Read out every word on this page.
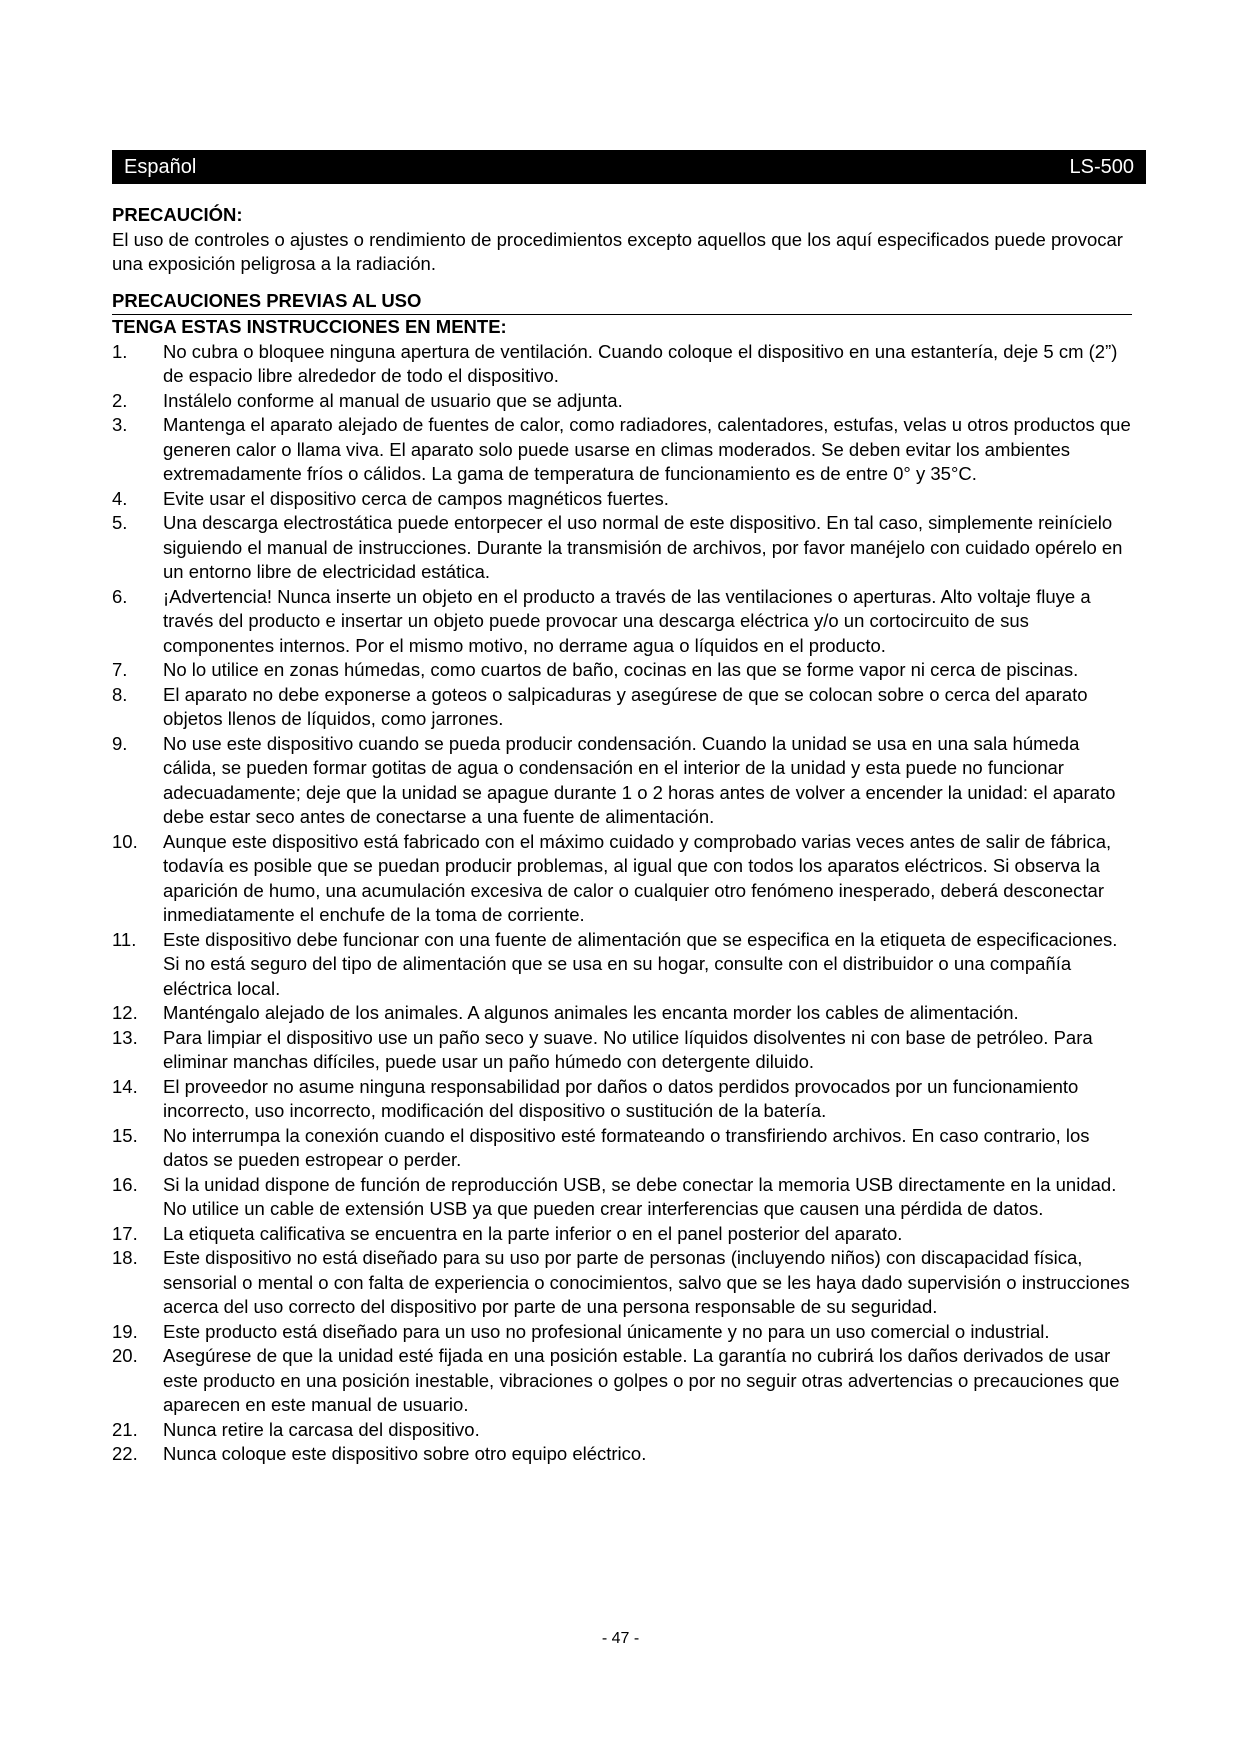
Español	LS-500

PRECAUCIÓN:

El uso de controles o ajustes o rendimiento de procedimientos excepto aquellos que los aquí especificados puede provocar una exposición peligrosa a la radiación.

PRECAUCIONES PREVIAS AL USO

TENGA ESTAS INSTRUCCIONES EN MENTE:

1.	No cubra o bloquee ninguna apertura de ventilación. Cuando coloque el dispositivo en una estantería, deje 5 cm (2”) de espacio libre alrededor de todo el dispositivo.
2.	Instálelo conforme al manual de usuario que se adjunta.
3.	Mantenga el aparato alejado de fuentes de calor, como radiadores, calentadores, estufas, velas u otros productos que generen calor o llama viva. El aparato solo puede usarse en climas moderados. Se deben evitar los ambientes extremadamente fríos o cálidos. La gama de temperatura de funcionamiento es de entre 0° y 35°C.
4.	Evite usar el dispositivo cerca de campos magnéticos fuertes.
5.	Una descarga electrostática puede entorpecer el uso normal de este dispositivo. En tal caso, simplemente reinícielo siguiendo el manual de instrucciones. Durante la transmisión de archivos, por favor manéjelo con cuidado opérelo en un entorno libre de electricidad estática.
6.	¡Advertencia! Nunca inserte un objeto en el producto a través de las ventilaciones o aperturas. Alto voltaje fluye a través del producto e insertar un objeto puede provocar una descarga eléctrica y/o un cortocircuito de sus componentes internos. Por el mismo motivo, no derrame agua o líquidos en el producto.
7.	No lo utilice en zonas húmedas, como cuartos de baño, cocinas en las que se forme vapor ni cerca de piscinas.
8.	El aparato no debe exponerse a goteos o salpicaduras y asegúrese de que se colocan sobre o cerca del aparato objetos llenos de líquidos, como jarrones.
9.	No use este dispositivo cuando se pueda producir condensación. Cuando la unidad se usa en una sala húmeda cálida, se pueden formar gotitas de agua o condensación en el interior de la unidad y esta puede no funcionar adecuadamente; deje que la unidad se apague durante 1 o 2 horas antes de volver a encender la unidad: el aparato debe estar seco antes de conectarse a una fuente de alimentación.
10.	Aunque este dispositivo está fabricado con el máximo cuidado y comprobado varias veces antes de salir de fábrica, todavía es posible que se puedan producir problemas, al igual que con todos los aparatos eléctricos. Si observa la aparición de humo, una acumulación excesiva de calor o cualquier otro fenómeno inesperado, deberá desconectar inmediatamente el enchufe de la toma de corriente.
11.	Este dispositivo debe funcionar con una fuente de alimentación que se especifica en la etiqueta de especificaciones. Si no está seguro del tipo de alimentación que se usa en su hogar, consulte con el distribuidor o una compañía eléctrica local.
12.	Manténgalo alejado de los animales. A algunos animales les encanta morder los cables de alimentación.
13.	Para limpiar el dispositivo use un paño seco y suave. No utilice líquidos disolventes ni con base de petróleo. Para eliminar manchas difíciles, puede usar un paño húmedo con detergente diluido.
14.	El proveedor no asume ninguna responsabilidad por daños o datos perdidos provocados por un funcionamiento incorrecto, uso incorrecto, modificación del dispositivo o sustitución de la batería.
15.	No interrumpa la conexión cuando el dispositivo esté formateando o transfiriendo archivos. En caso contrario, los datos se pueden estropear o perder.
16.	Si la unidad dispone de función de reproducción USB, se debe conectar la memoria USB directamente en la unidad. No utilice un cable de extensión USB ya que pueden crear interferencias que causen una pérdida de datos.
17.	La etiqueta calificativa se encuentra en la parte inferior o en el panel posterior del aparato.
18.	Este dispositivo no está diseñado para su uso por parte de personas (incluyendo niños) con discapacidad física, sensorial o mental o con falta de experiencia o conocimientos, salvo que se les haya dado supervisión o instrucciones acerca del uso correcto del dispositivo por parte de una persona responsable de su seguridad.
19.	Este producto está diseñado para un uso no profesional únicamente y no para un uso comercial o industrial.
20.	Asegúrese de que la unidad esté fijada en una posición estable. La garantía no cubrirá los daños derivados de usar este producto en una posición inestable, vibraciones o golpes o por no seguir otras advertencias o precauciones que aparecen en este manual de usuario.
21.	Nunca retire la carcasa del dispositivo.
22.	Nunca coloque este dispositivo sobre otro equipo eléctrico.
- 47 -
